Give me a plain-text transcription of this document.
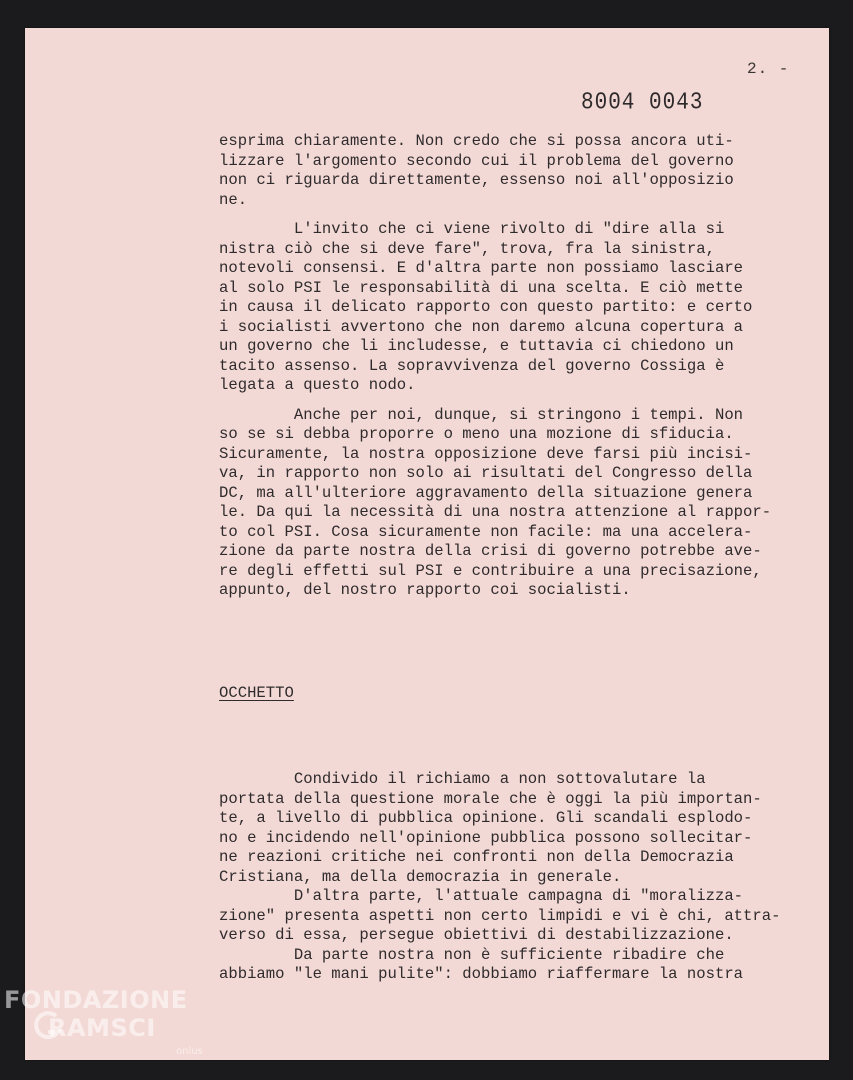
2. -
8004 0043
esprima chiaramente. Non credo che si possa ancora uti-
lizzare l'argomento secondo cui il problema del governo
non ci riguarda direttamente, essenso noi all'opposizio
ne.
L'invito che ci viene rivolto di "dire alla si
nistra ciò che si deve fare", trova, fra la sinistra,
notevoli consensi. E d'altra parte non possiamo lasciare
al solo PSI le responsabilità di una scelta. E ciò mette
in causa il delicato rapporto con questo partito: e certo
i socialisti avvertono che non daremo alcuna copertura a
un governo che li includesse, e tuttavia ci chiedono un
tacito assenso. La sopravvivenza del governo Cossiga è
legata a questo nodo.
Anche per noi, dunque, si stringono i tempi. Non
so se si debba proporre o meno una mozione di sfiducia.
Sicuramente, la nostra opposizione deve farsi più incisi-
va, in rapporto non solo ai risultati del Congresso della
DC, ma all'ulteriore aggravamento della situazione genera
le. Da qui la necessità di una nostra attenzione al rappor-
to col PSI. Cosa sicuramente non facile: ma una accelera-
zione da parte nostra della crisi di governo potrebbe ave-
re degli effetti sul PSI e contribuire a una precisazione,
appunto, del nostro rapporto coi socialisti.
OCCHETTO
Condivido il richiamo a non sottovalutare la
portata della questione morale che è oggi la più importan-
te, a livello di pubblica opinione. Gli scandali esplodo-
no e incidendo nell'opinione pubblica possono sollecitar-
ne reazioni critiche nei confronti non della Democrazia
Cristiana, ma della democrazia in generale.
D'altra parte, l'attuale campagna di "moralizza-
zione" presenta aspetti non certo limpidi e vi è chi, attra-
verso di essa, persegue obiettivi di destabilizzazione.
Da parte nostra non è sufficiente ribadire che
abbiamo "le mani pulite": dobbiamo riaffermare la nostra
FONDAZIONE
RAMSCI
onlus
